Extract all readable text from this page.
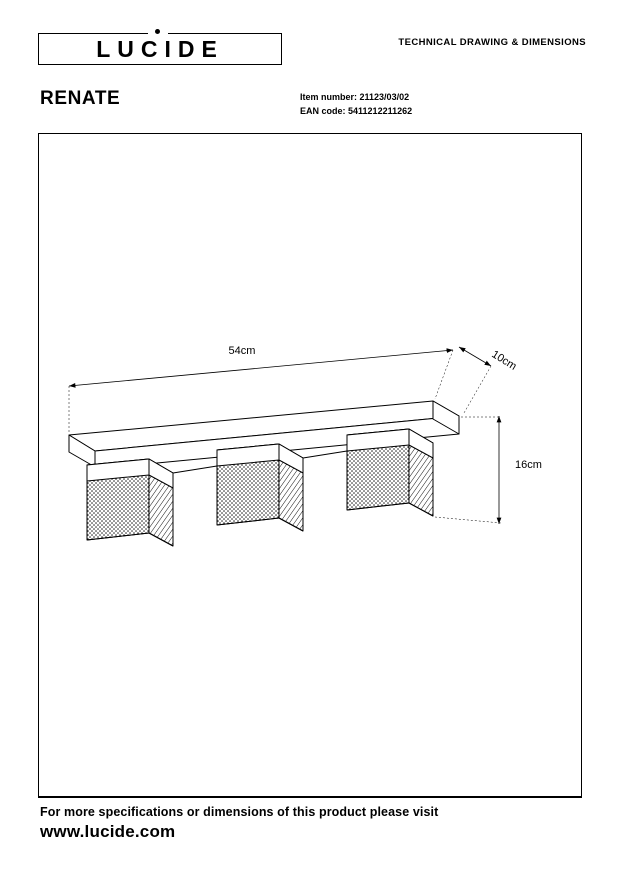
LUCIDE	TECHNICAL DRAWING & DIMENSIONS
RENATE	Item number: 21123/03/02
EAN code: 5411212211262
54cm	10cm
16cm
For more specifications or dimensions of this product please visit
www.lucide.com
